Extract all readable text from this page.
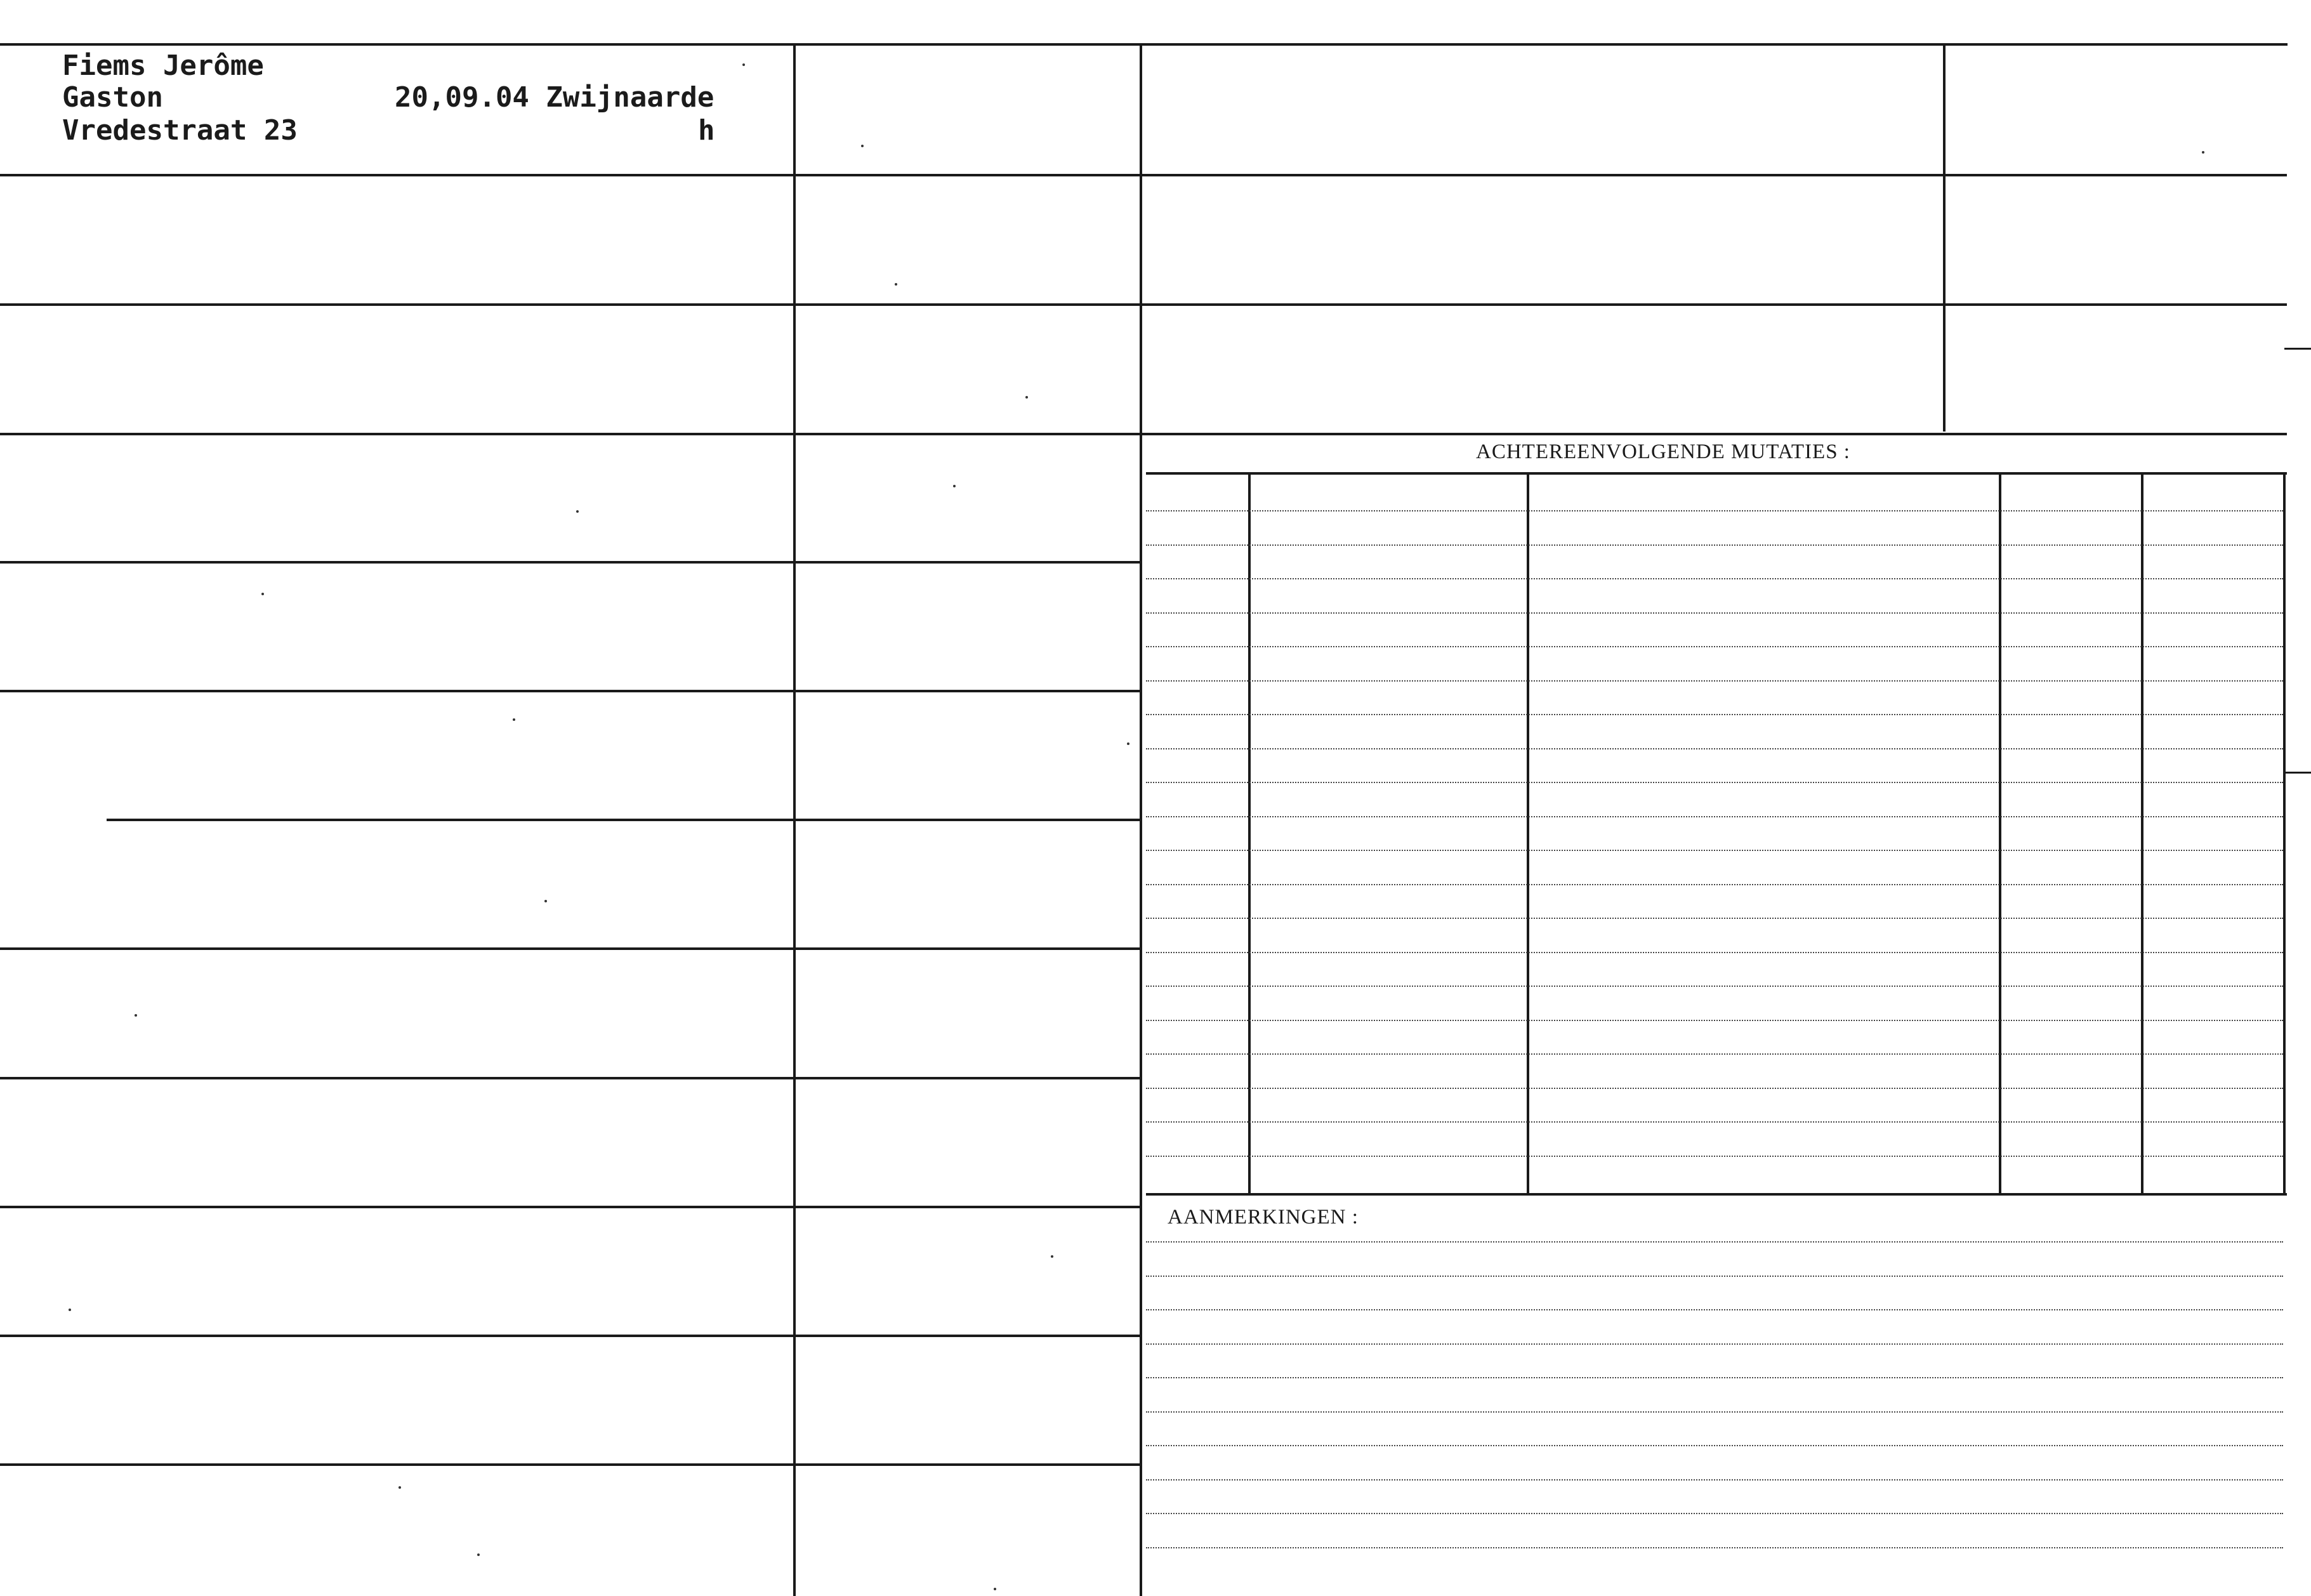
Fiems Jerôme
Gaston	20,09.04 Zwijnaarde
Vredestraat 23	h
ACHTEREENVOLGENDE MUTATIES :
AANMERKINGEN :
